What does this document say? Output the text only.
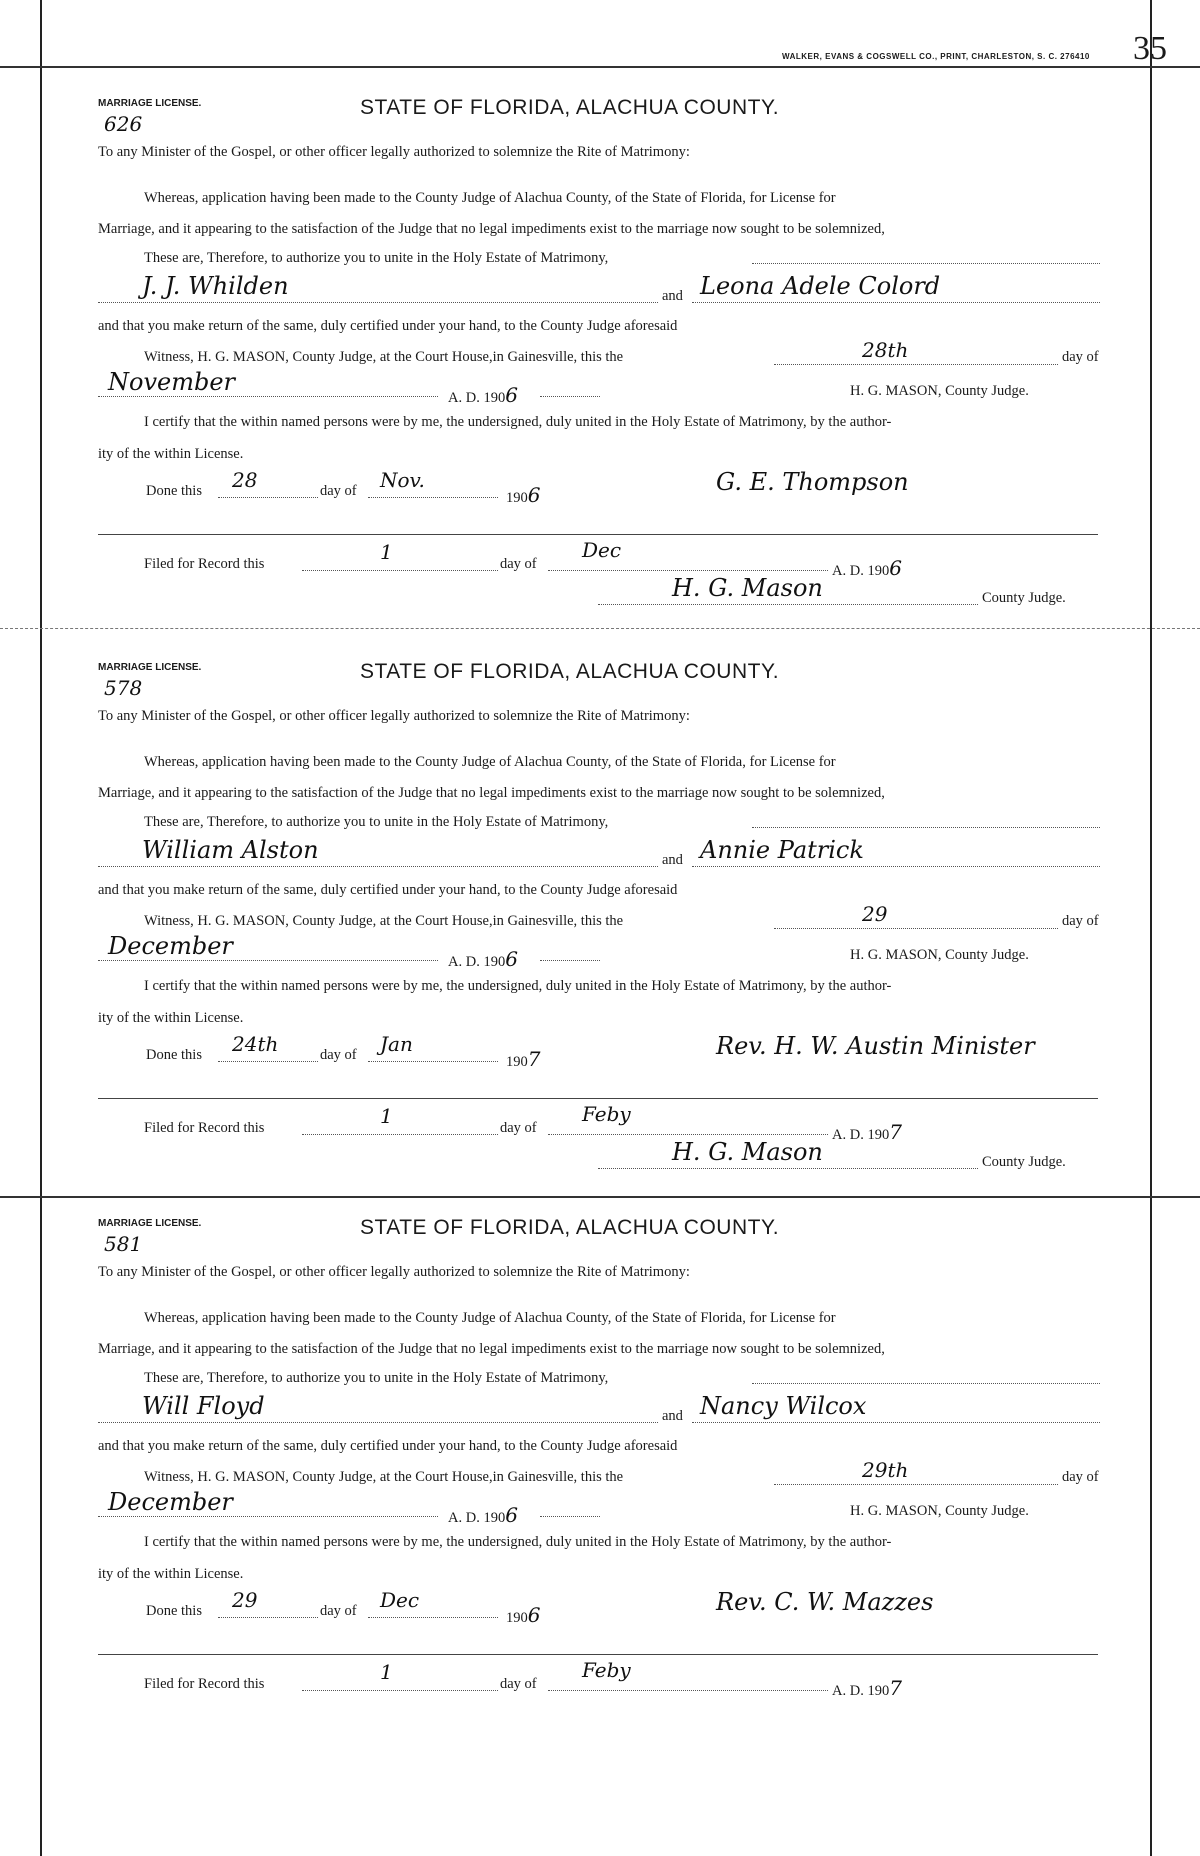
WALKER, EVANS & COGSWELL CO., PRINT, CHARLESTON, S. C. 276410 35
MARRIAGE LICENSE.
626
STATE OF FLORIDA, ALACHUA COUNTY.
To any Minister of the Gospel, or other officer legally authorized to solemnize the Rite of Matrimony:
Whereas, application having been made to the County Judge of Alachua County, of the State of Florida, for License for
Marriage, and it appearing to the satisfaction of the Judge that no legal impediments exist to the marriage now sought to be solemnized,
These are, Therefore, to authorize you to unite in the Holy Estate of Matrimony,
J. J. Whilden	and Leona Adele Colord
and that you make return of the same, duly certified under your hand, to the County Judge aforesaid
Witness, H. G. MASON, County Judge, at the Court House,in Gainesville, this the	28th	day of
November
A. D. 1906	H. G. MASON, County Judge.
I certify that the within named persons were by me, the undersigned, duly united in the Holy Estate of Matrimony, by the author-
ity of the within License.
Done this 28	day of Nov.
1906	G. E. Thompson
Filed for Record this	1	day of
Dec
A. D. 1906
H. G. Mason	County Judge.
MARRIAGE LICENSE.
578
STATE OF FLORIDA, ALACHUA COUNTY.
To any Minister of the Gospel, or other officer legally authorized to solemnize the Rite of Matrimony:
Whereas, application having been made to the County Judge of Alachua County, of the State of Florida, for License for
Marriage, and it appearing to the satisfaction of the Judge that no legal impediments exist to the marriage now sought to be solemnized,
These are, Therefore, to authorize you to unite in the Holy Estate of Matrimony,
William Alston	and Annie Patrick
and that you make return of the same, duly certified under your hand, to the County Judge aforesaid
Witness, H. G. MASON, County Judge, at the Court House,in Gainesville, this the	29	day of
December
A. D. 1906	H. G. MASON, County Judge.
I certify that the within named persons were by me, the undersigned, duly united in the Holy Estate of Matrimony, by the author-
ity of the within License.
Done this 24th	day of Jan
1907	Rev. H. W. Austin Minister
Filed for Record this	1	day of
Feby
A. D. 1907
H. G. Mason	County Judge.
MARRIAGE LICENSE.
581
STATE OF FLORIDA, ALACHUA COUNTY.
To any Minister of the Gospel, or other officer legally authorized to solemnize the Rite of Matrimony:
Whereas, application having been made to the County Judge of Alachua County, of the State of Florida, for License for
Marriage, and it appearing to the satisfaction of the Judge that no legal impediments exist to the marriage now sought to be solemnized,
These are, Therefore, to authorize you to unite in the Holy Estate of Matrimony,
Will Floyd	and Nancy Wilcox
and that you make return of the same, duly certified under your hand, to the County Judge aforesaid
Witness, H. G. MASON, County Judge, at the Court House,in Gainesville, this the	29th	day of
December
A. D. 1906	H. G. MASON, County Judge.
I certify that the within named persons were by me, the undersigned, duly united in the Holy Estate of Matrimony, by the author-
ity of the within License.
Done this 29	day of Dec
1906	Rev. C. W. Mazzes
Filed for Record this	1	day of
Feby
A. D. 1907
